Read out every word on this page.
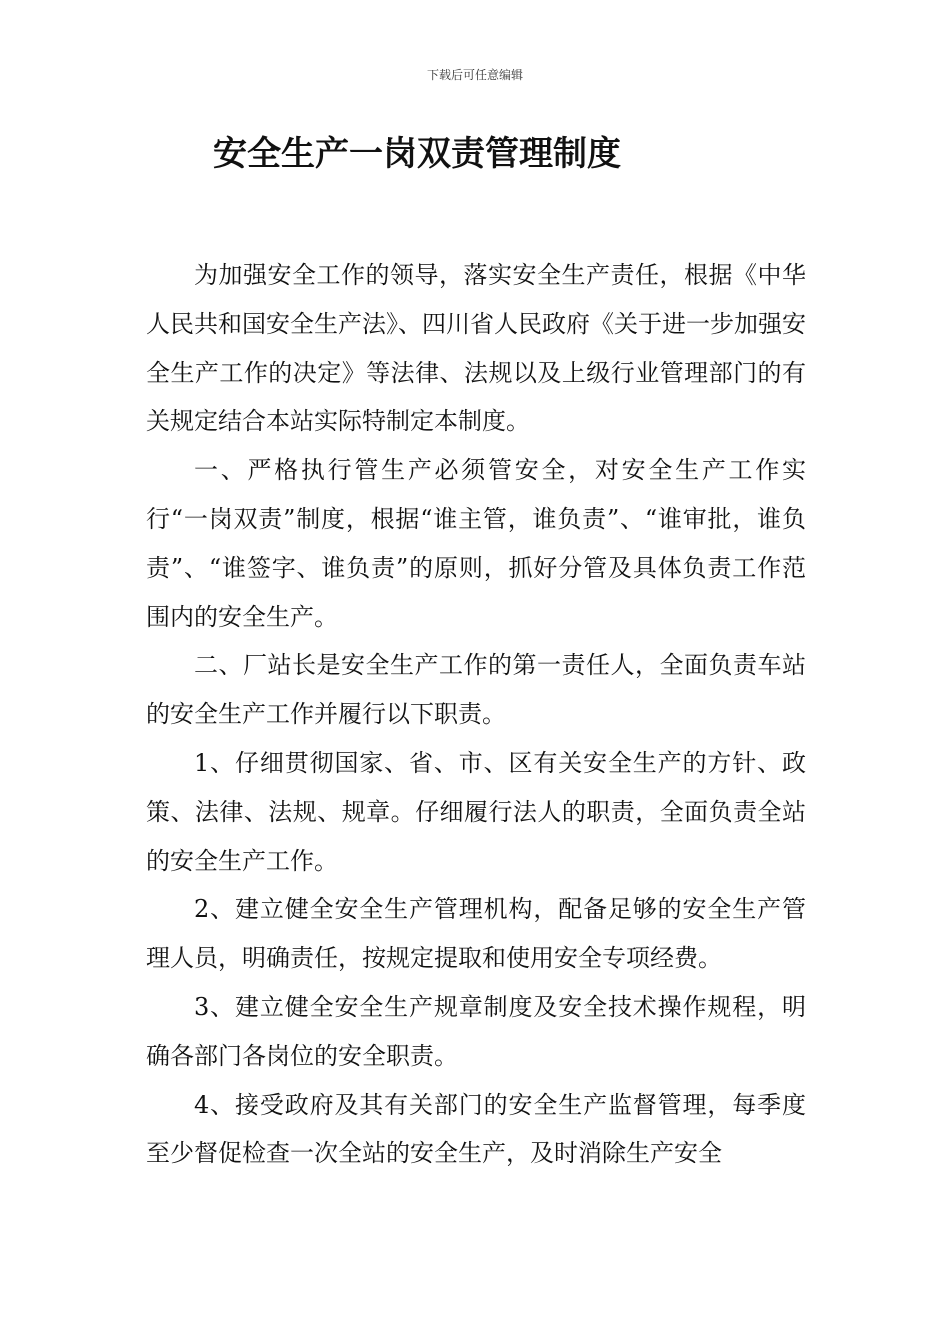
下载后可任意编辑
安全生产一岗双责管理制度

为加强安全工作的领导，落实安全生产责任，根据《中华人民共和国安全生产法》、四川省人民政府《关于进一步加强安全生产工作的决定》等法律、法规以及上级行业管理部门的有关规定结合本站实际特制定本制度。

一、严格执行管生产必须管安全，对安全生产工作实行“一岗双责”制度，根据“谁主管，谁负责”、“谁审批，谁负责”、“谁签字、谁负责”的原则，抓好分管及具体负责工作范围内的安全生产。

二、厂站长是安全生产工作的第一责任人，全面负责车站的安全生产工作并履行以下职责。

1、仔细贯彻国家、省、市、区有关安全生产的方针、政策、法律、法规、规章。仔细履行法人的职责，全面负责全站的安全生产工作。

2、建立健全安全生产管理机构，配备足够的安全生产管理人员，明确责任，按规定提取和使用安全专项经费。

3、建立健全安全生产规章制度及安全技术操作规程，明确各部门各岗位的安全职责。

4、接受政府及其有关部门的安全生产监督管理，每季度至少督促检查一次全站的安全生产，及时消除生产安全
